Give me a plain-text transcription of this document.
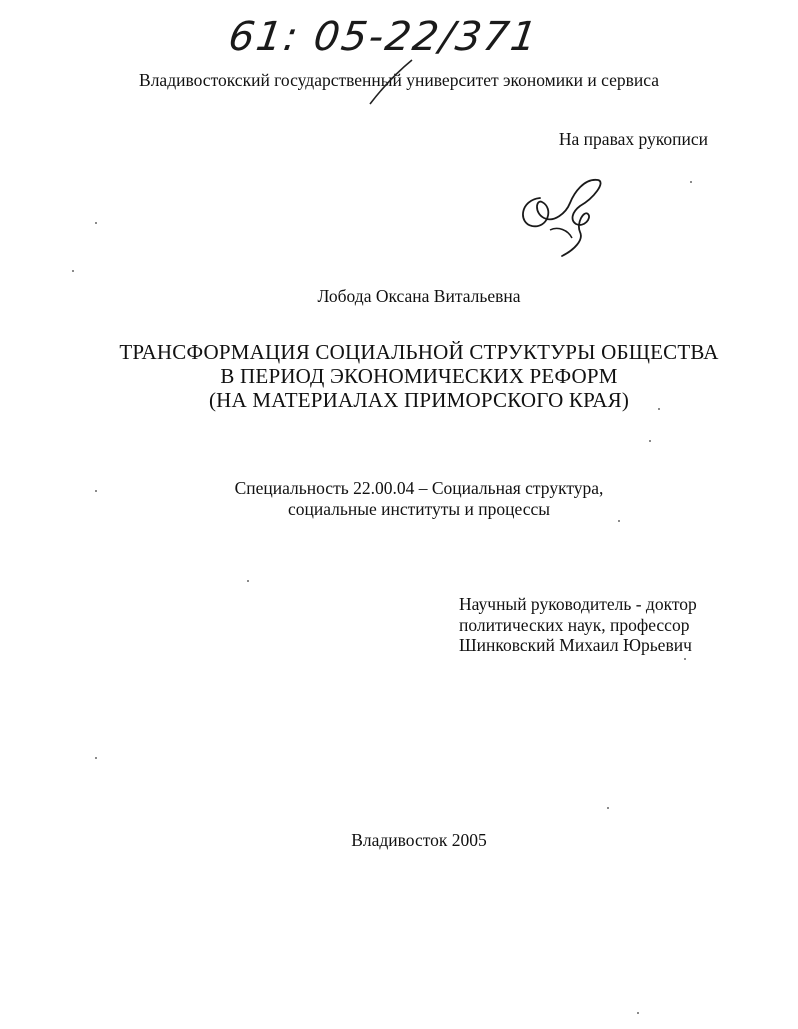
61: 05-22/371
Владивостокский государственный университет экономики и сервиса
На правах рукописи
Лобода Оксана Витальевна
ТРАНСФОРМАЦИЯ СОЦИАЛЬНОЙ СТРУКТУРЫ ОБЩЕСТВА
В ПЕРИОД ЭКОНОМИЧЕСКИХ РЕФОРМ
(НА МАТЕРИАЛАХ ПРИМОРСКОГО КРАЯ)
Специальность 22.00.04 – Социальная структура,
социальные институты и процессы
Научный руководитель - доктор
политических наук, профессор
Шинковский Михаил Юрьевич
Владивосток 2005
